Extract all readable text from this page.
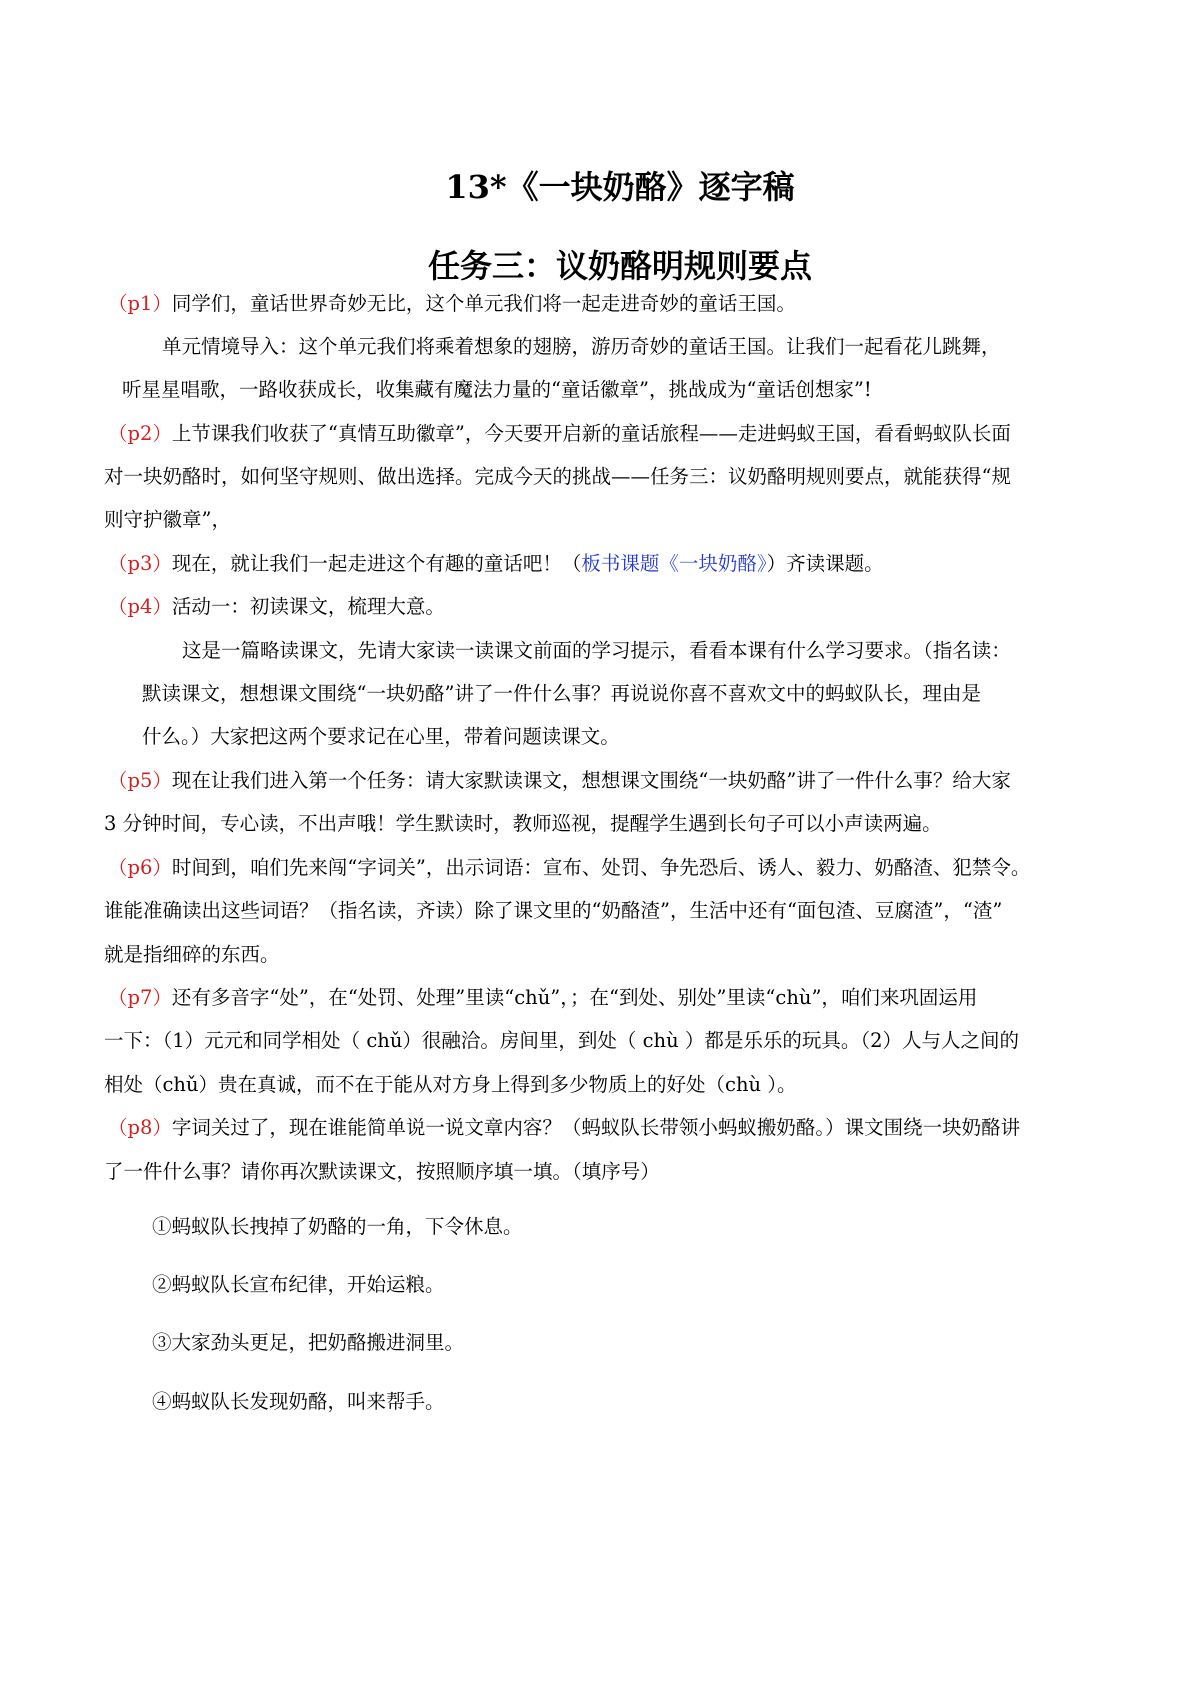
13*《一块奶酪》逐字稿
任务三：议奶酪明规则要点
（p1）同学们，童话世界奇妙无比，这个单元我们将一起走进奇妙的童话王国。
单元情境导入：这个单元我们将乘着想象的翅膀，游历奇妙的童话王国。让我们一起看花儿跳舞，
听星星唱歌，一路收获成长，收集藏有魔法力量的“童话徽章”，挑战成为“童话创想家”!
（p2）上节课我们收获了“真情互助徽章”，今天要开启新的童话旅程——走进蚂蚁王国，看看蚂蚁队长面
对一块奶酪时，如何坚守规则、做出选择。完成今天的挑战——任务三：议奶酪明规则要点，就能获得“规
则守护徽章”，
（p3）现在，就让我们一起走进这个有趣的童话吧！（板书课题《一块奶酪》）齐读课题。
（p4）活动一：初读课文，梳理大意。
这是一篇略读课文，先请大家读一读课文前面的学习提示，看看本课有什么学习要求。（指名读：
默读课文，想想课文围绕“一块奶酪”讲了一件什么事？再说说你喜不喜欢文中的蚂蚁队长，理由是
什么。）大家把这两个要求记在心里，带着问题读课文。
（p5）现在让我们进入第一个任务：请大家默读课文，想想课文围绕“一块奶酪”讲了一件什么事？给大家
3 分钟时间，专心读，不出声哦！学生默读时，教师巡视，提醒学生遇到长句子可以小声读两遍。
（p6）时间到，咱们先来闯“字词关”，出示词语：宣布、处罚、争先恐后、诱人、毅力、奶酪渣、犯禁令。
谁能准确读出这些词语？（指名读，齐读）除了课文里的“奶酪渣”，生活中还有“面包渣、豆腐渣”，“渣”
就是指细碎的东西。
（p7）还有多音字“处”，在“处罚、处理”里读“chǔ”，；在“到处、别处”里读“chù”，咱们来巩固运用
一下：（1）元元和同学相处（ chǔ）很融洽。房间里，到处（ chù ）都是乐乐的玩具。（2）人与人之间的
相处（chǔ）贵在真诚，而不在于能从对方身上得到多少物质上的好处（chù ）。
（p8）字词关过了，现在谁能简单说一说文章内容？（蚂蚁队长带领小蚂蚁搬奶酪。）课文围绕一块奶酪讲
了一件什么事？请你再次默读课文，按照顺序填一填。（填序号）
①蚂蚁队长拽掉了奶酪的一角，下令休息。
②蚂蚁队长宣布纪律，开始运粮。
③大家劲头更足，把奶酪搬进洞里。
④蚂蚁队长发现奶酪，叫来帮手。
